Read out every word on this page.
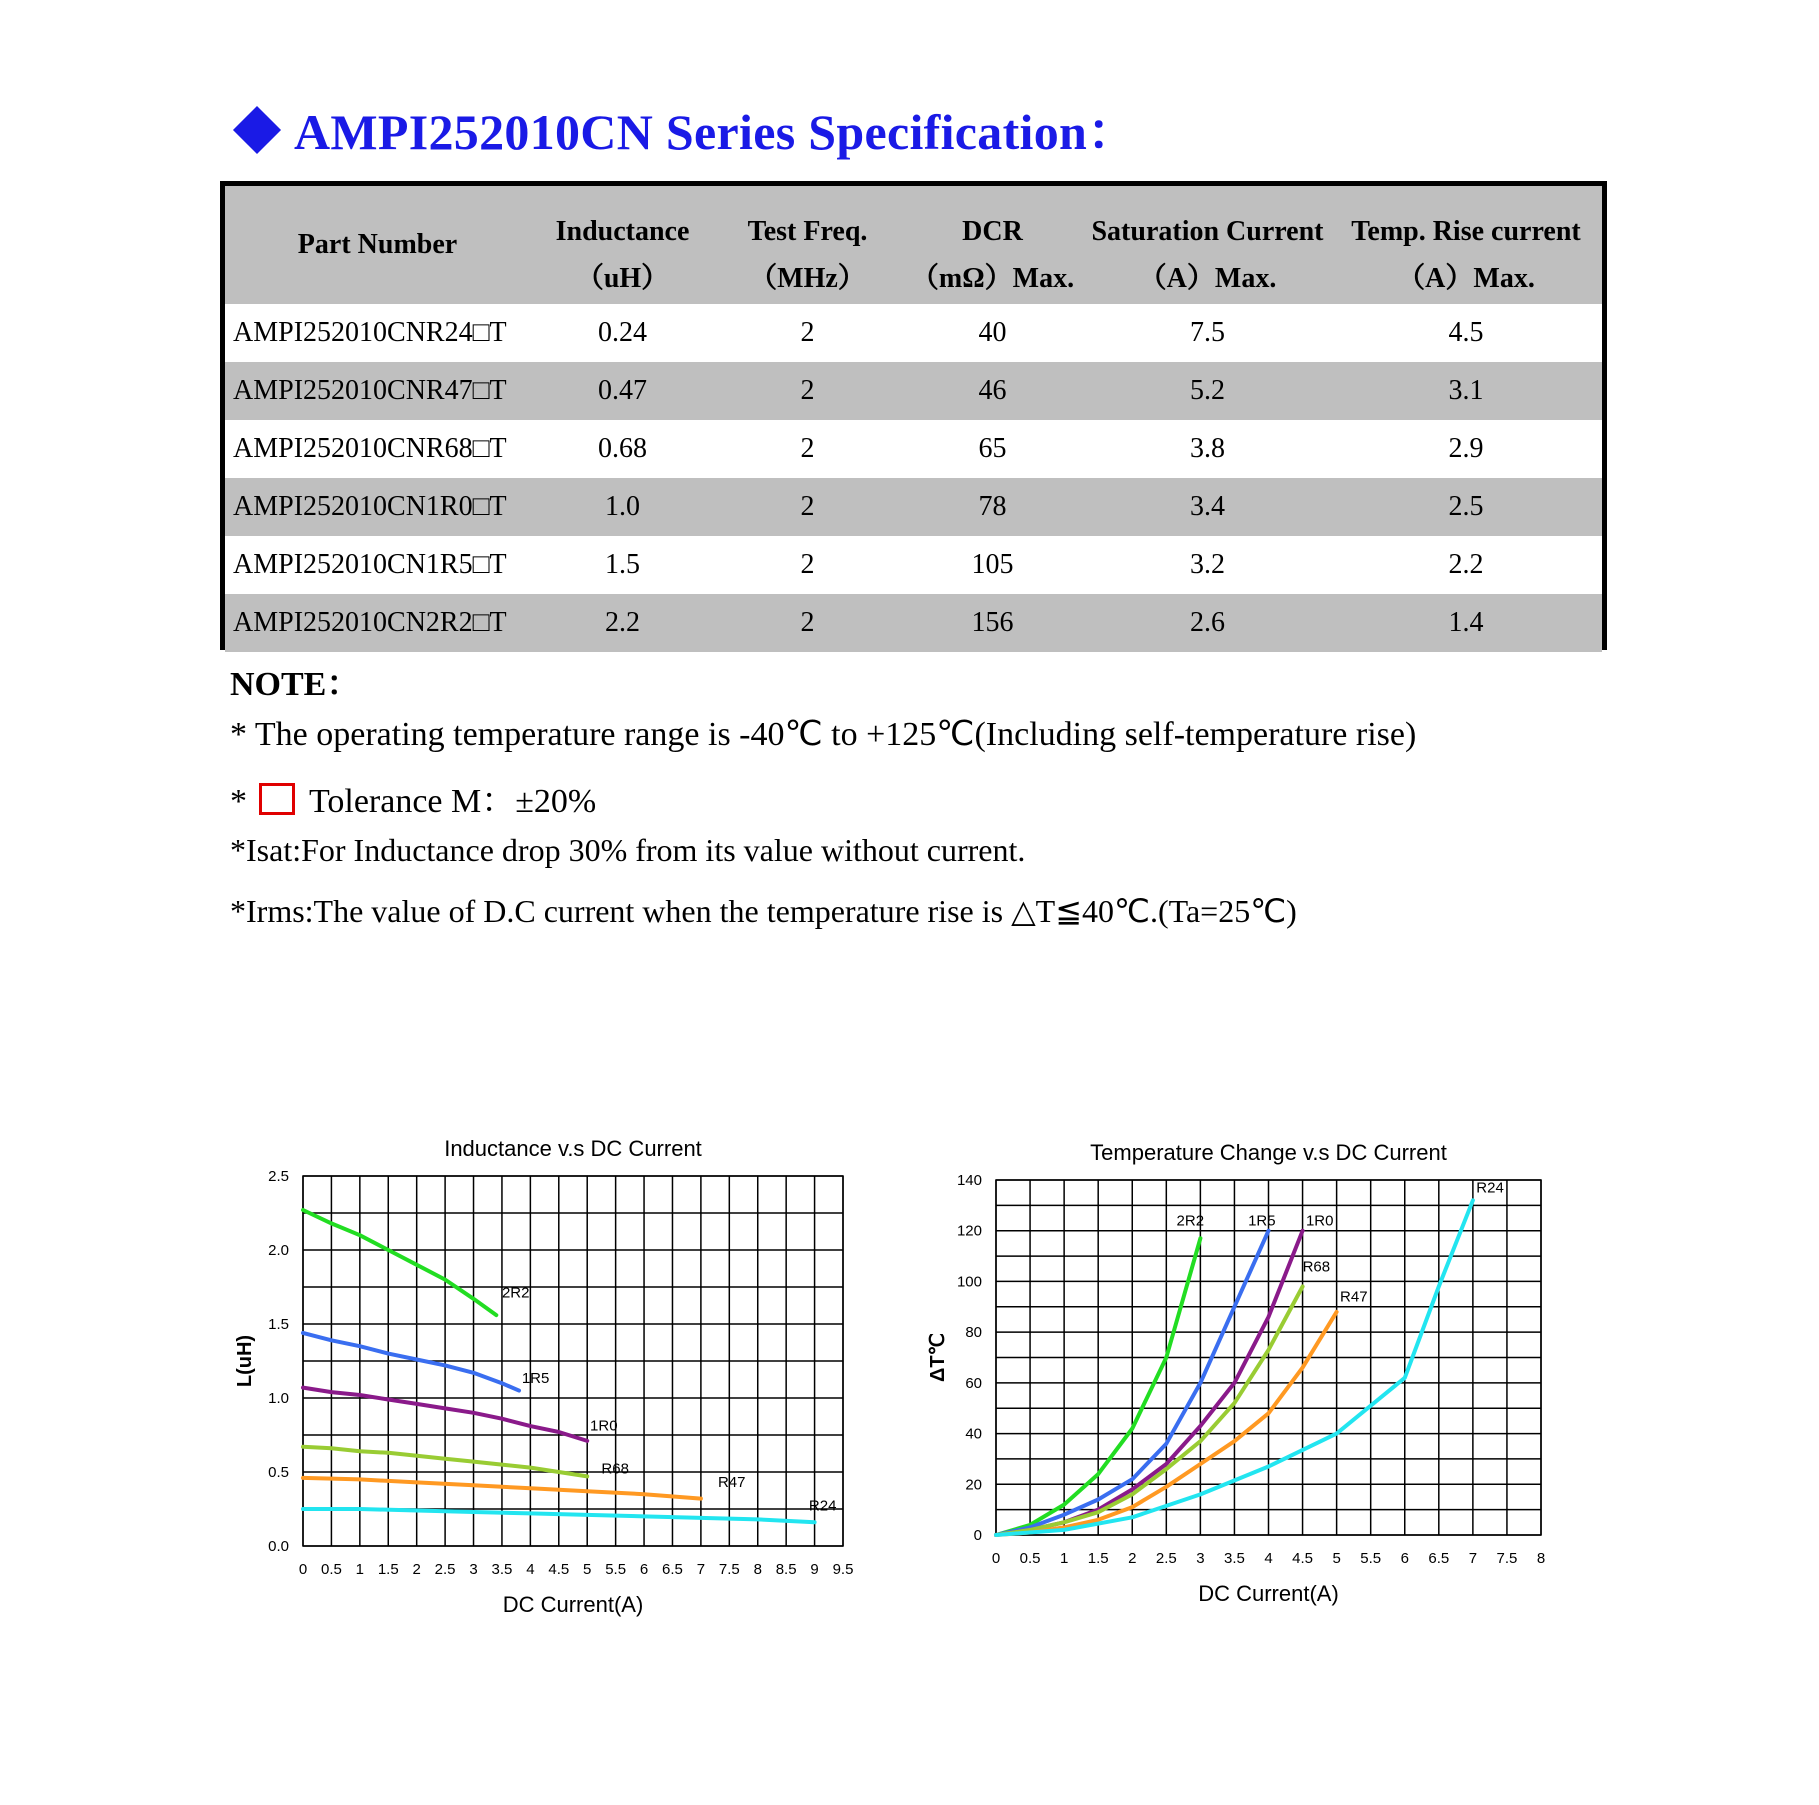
AMPI252010CN Series Specification：
Part Number	Inductance	Test Freq.	DCR	Saturation Current	Temp. Rise current
	（uH）	（MHz）	（mΩ）Max.	（A）Max.	（A）Max.
AMPI252010CNR24□T	0.24	2	40	7.5	4.5
AMPI252010CNR47□T	0.47	2	46	5.2	3.1
AMPI252010CNR68□T	0.68	2	65	3.8	2.9
AMPI252010CN1R0□T	1.0	2	78	3.4	2.5
AMPI252010CN1R5□T	1.5	2	105	3.2	2.2
AMPI252010CN2R2□T	2.2	2	156	2.6	1.4
NOTE：
* The operating temperature range is -40℃ to +125℃(Including self-temperature rise)
* Tolerance M：±20%
*Isat:For Inductance drop 30% from its value without current.
*Irms:The value of D.C current when the temperature rise is △T≦40℃.(Ta=25℃)
Inductance v.s DC Current
0 0.5 1 1.5 2 2.5 3 3.5 4 4.5 5 5.5 6 6.5 7 7.5 8 8.5 9 9.5
0.0
0.5
1.0
1.5
2.0
2.5
DC Current(A)
L(uH)
2R2
1R5
1R0
R68
R47
R24
Temperature Change v.s DC Current
0 0.5 1 1.5 2 2.5 3 3.5 4 4.5 5 5.5 6 6.5 7 7.5 8
0
20
40
60
80
100
120
140
DC Current(A)
ΔT℃
2R2	1R5 1R0
R68
R47
R24
